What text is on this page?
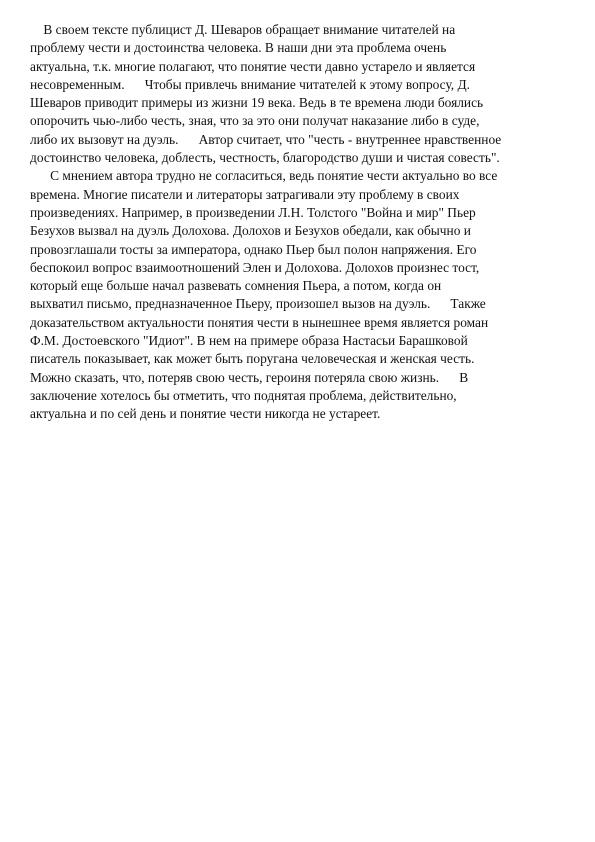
В своем тексте публицист Д. Шеваров обращает внимание читателей на
проблему чести и достоинства человека. В наши дни эта проблема очень
актуальна, т.к. многие полагают, что понятие чести давно устарело и является
несовременным.      Чтобы привлечь внимание читателей к этому вопросу, Д.
Шеваров приводит примеры из жизни 19 века. Ведь в те времена люди боялись
опорочить чью-либо честь, зная, что за это они получат наказание либо в суде,
либо их вызовут на дуэль.      Автор считает, что "честь - внутреннее нравственное
достоинство человека, доблесть, честность, благородство души и чистая совесть".
С мнением автора трудно не согласиться, ведь понятие чести актуально во все
времена. Многие писатели и литераторы затрагивали эту проблему в своих
произведениях. Например, в произведении Л.Н. Толстого "Война и мир" Пьер
Безухов вызвал на дуэль Долохова. Долохов и Безухов обедали, как обычно и
провозглашали тосты за императора, однако Пьер был полон напряжения. Его
беспокоил вопрос взаимоотношений Элен и Долохова. Долохов произнес тост,
который еще больше начал развевать сомнения Пьера, а потом, когда он
выхватил письмо, предназначенное Пьеру, произошел вызов на дуэль.      Также
доказательством актуальности понятия чести в нынешнее время является роман
Ф.М. Достоевского "Идиот". В нем на примере образа Настасьи Барашковой
писатель показывает, как может быть поругана человеческая и женская честь.
Можно сказать, что, потеряв свою честь, героиня потеряла свою жизнь.      В
заключение хотелось бы отметить, что поднятая проблема, действительно,
актуальна и по сей день и понятие чести никогда не устареет.
